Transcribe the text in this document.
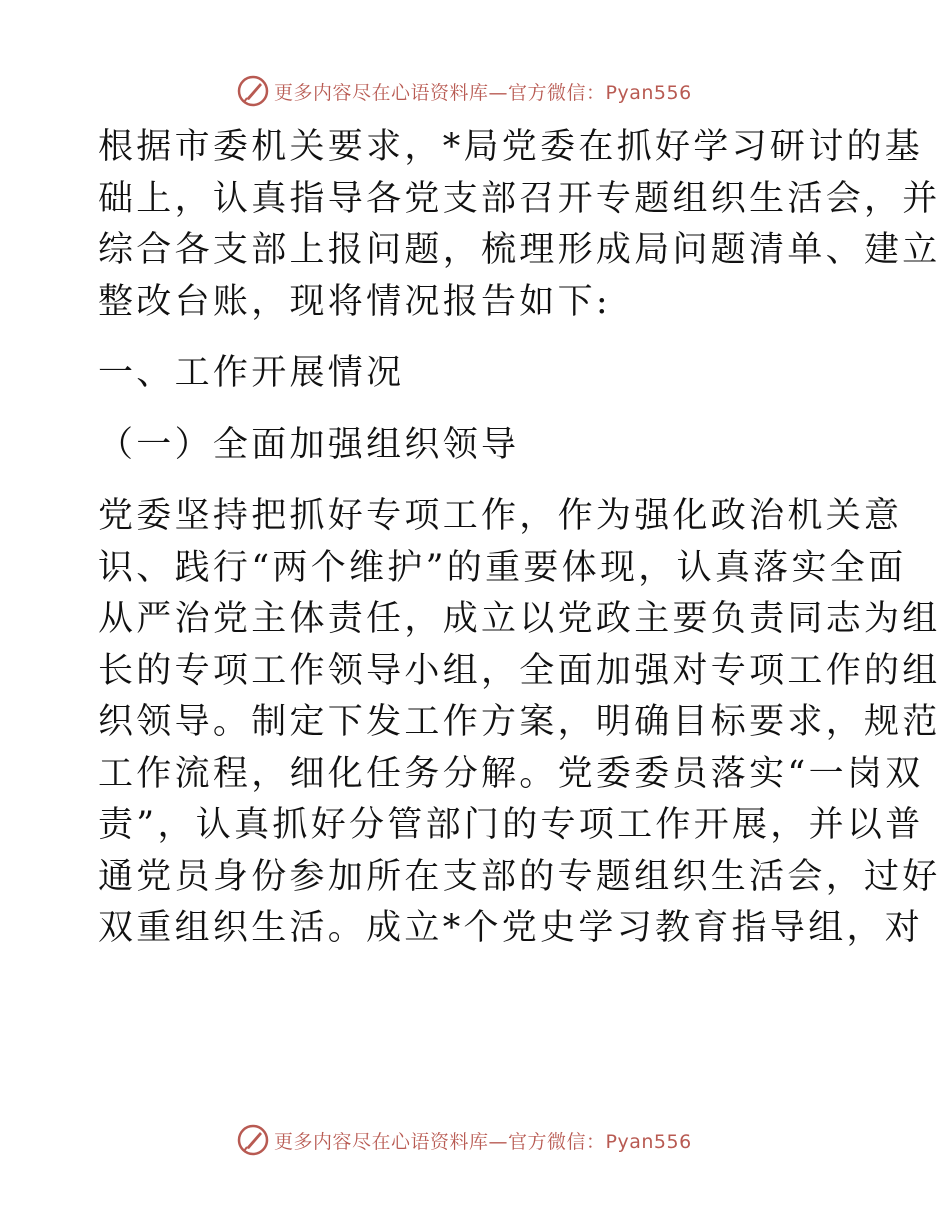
更多内容尽在心语资料库—官方微信：Pyan556

根据市委机关要求，*局党委在抓好学习研讨的基

础上，认真指导各党支部召开专题组织生活会，并

综合各支部上报问题，梳理形成局问题清单、建立

整改台账，现将情况报告如下:

一、工作开展情况

（一）全面加强组织领导

党委坚持把抓好专项工作，作为强化政治机关意

识、践行“两个维护”的重要体现，认真落实全面

从严治党主体责任，成立以党政主要负责同志为组

长的专项工作领导小组，全面加强对专项工作的组

织领导。制定下发工作方案，明确目标要求，规范

工作流程，细化任务分解。党委委员落实“一岗双

责”，认真抓好分管部门的专项工作开展，并以普

通党员身份参加所在支部的专题组织生活会，过好

双重组织生活。成立*个党史学习教育指导组，对

更多内容尽在心语资料库—官方微信：Pyan556
